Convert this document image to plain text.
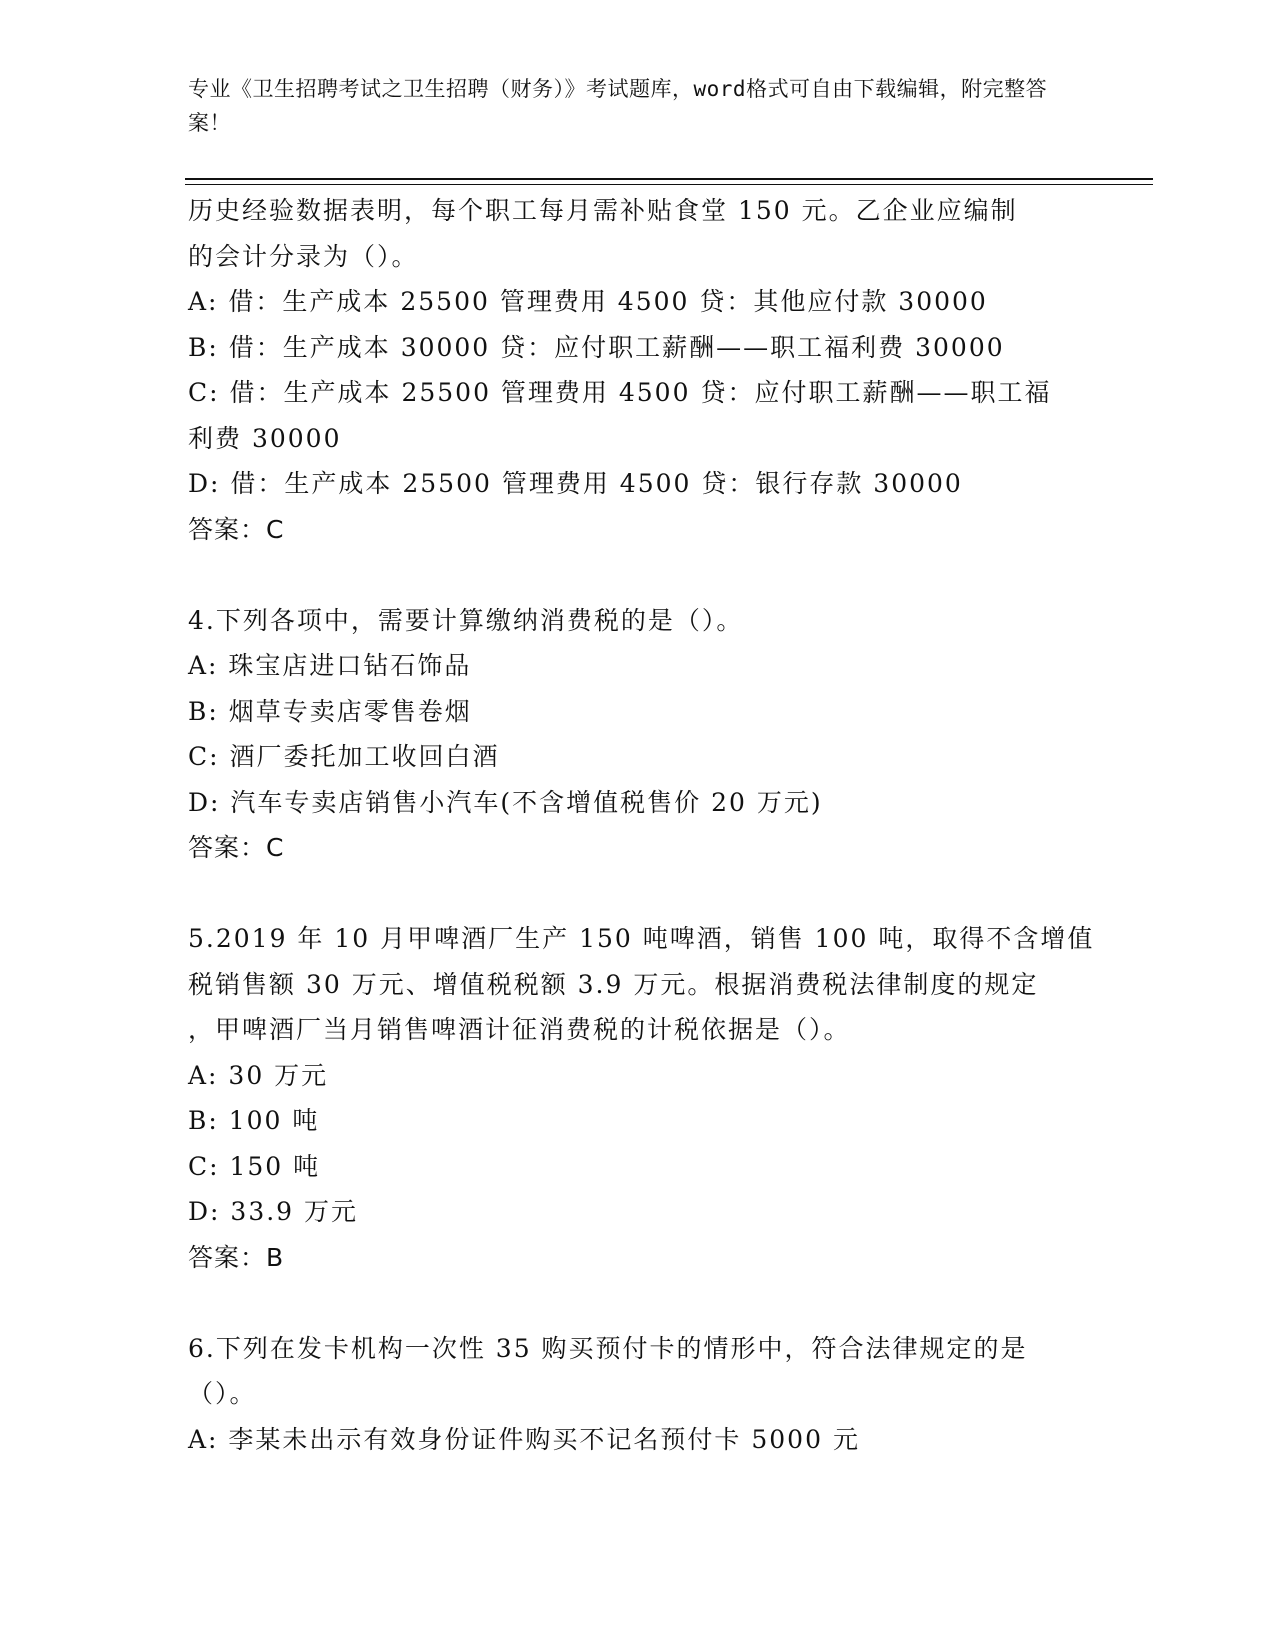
专业《卫生招聘考试之卫生招聘（财务）》考试题库，word格式可自由下载编辑，附完整答案！
历史经验数据表明，每个职工每月需补贴食堂 150 元。乙企业应编制
的会计分录为（）。
A: 借：生产成本 25500 管理费用 4500 贷：其他应付款 30000
B: 借：生产成本 30000 贷：应付职工薪酬——职工福利费 30000
C: 借：生产成本 25500 管理费用 4500 贷：应付职工薪酬——职工福
利费 30000
D: 借：生产成本 25500 管理费用 4500 贷：银行存款 30000
答案：C
4.下列各项中，需要计算缴纳消费税的是（）。
A: 珠宝店进口钻石饰品
B: 烟草专卖店零售卷烟
C: 酒厂委托加工收回白酒
D: 汽车专卖店销售小汽车(不含增值税售价 20 万元)
答案：C
5.2019 年 10 月甲啤酒厂生产 150 吨啤酒，销售 100 吨，取得不含增值
税销售额 30 万元、增值税税额 3.9 万元。根据消费税法律制度的规定
，甲啤酒厂当月销售啤酒计征消费税的计税依据是（）。
A: 30 万元
B: 100 吨
C: 150 吨
D: 33.9 万元
答案：B
6.下列在发卡机构一次性 35 购买预付卡的情形中，符合法律规定的是
（）。
A: 李某未出示有效身份证件购买不记名预付卡 5000 元
